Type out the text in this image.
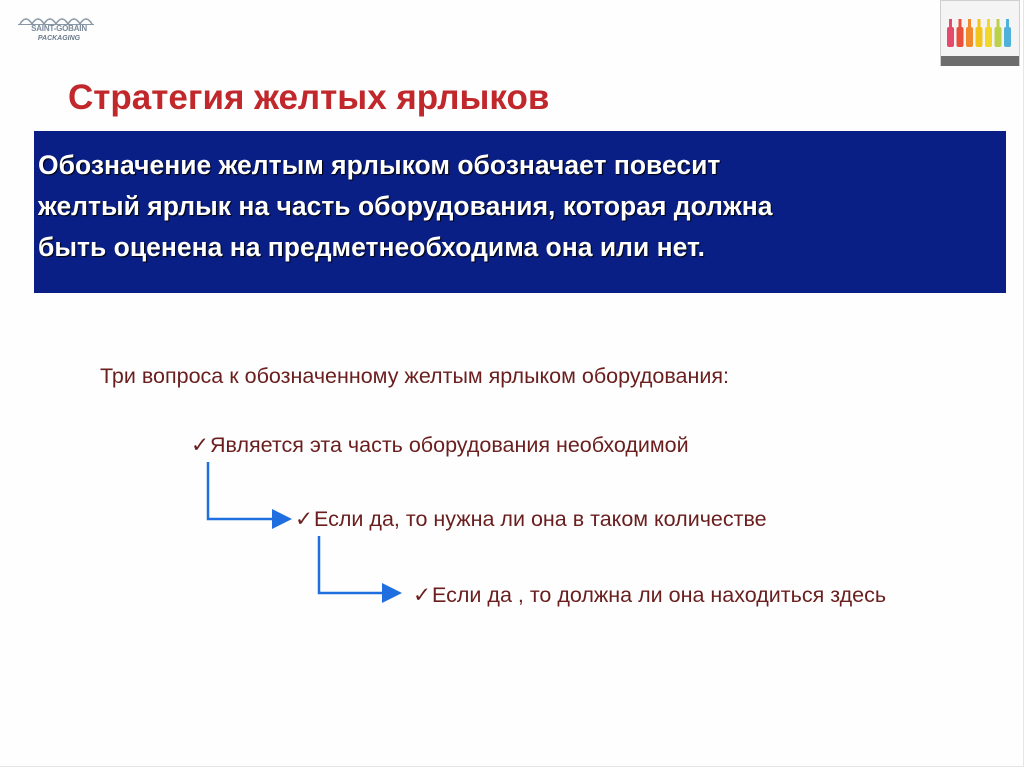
SAINT-GOBAIN
PACKAGING
Стратегия желтых ярлыков

Обозначение желтым ярлыком обозначает повесит

желтый ярлык на часть оборудования, которая должна

быть оцененa на предметнеобходима она или нет.

Три вопроса к обозначенному желтым ярлыком оборудования:
✓Является эта часть оборудования необходимой
✓Если да, то нужна ли она в таком количестве
✓Если да , то должна ли она находиться здесь
